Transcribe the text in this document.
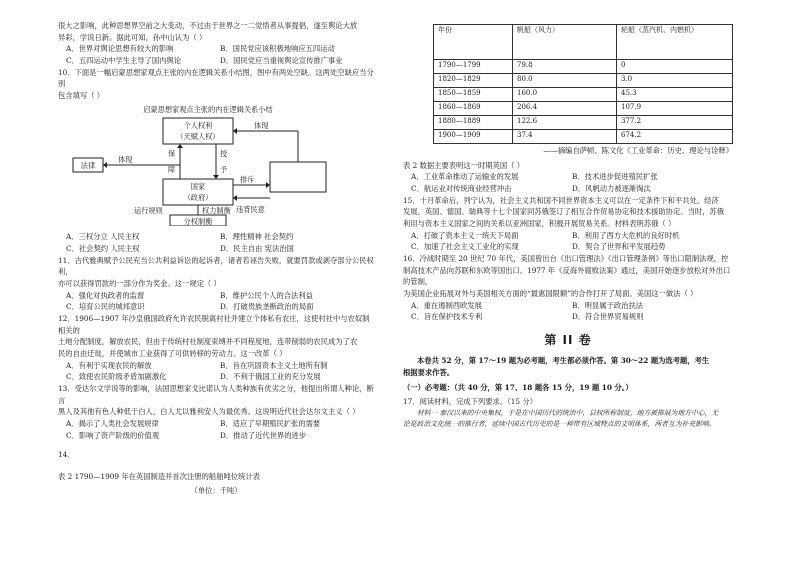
很大之影响，此种思想界空前之大变动，不过由于世界之一二觉悟者从事提倡，遂至舆论大放

异彩，学说日新。据此可知，孙中山认为（ ）

A．世界对舆论思想有较大的影响	B．国民党应该积极地响应五四运动
C．五四运动中学生主导了国内舆论	D．国民党应当重视舆论宣传推广事业

10．下面是一幅启蒙思想家观点主张的内在逻辑关系小结图，图中有两处空缺。这两处空缺应当分别

包含填写（ ）

启蒙思想家观点主张的内在逻辑关系小结
个人权利
（天赋人权）
保	授
障	予
法律
体现
体现
国家
（政府）
排斥
违背民意
运行规则	权力制衡
分权制衡
A．三权分立 人民主权	B．理性精神 社会契约
C．社会契约 人民主权	D．民主自由 宪法治国

11．古代雅典赋予公民充当公共利益诉讼的起诉者，诸者若诬告失败，就要罚款或剥夺部分公民权利，

亦可以获得罚款的一部分作为奖金。这一规定（ ）

A．强化对执政者的监督	B．维护公民个人的合法利益
C．培育公民的城邦意识	D．打破贵族垄断政治的局面

12．1906—1907 年沙皇俄国政府允许农民脱离村社并建立个体私有农庄，这使村社中与农奴制相关的

土地分配制度，解放农民，但由于传统村社制度束缚并不同程度地，连带削弱的农民成为了农

民的自由迁徙，并使城市工业获得了可供转移的劳动力。这一改革（ ）

A．有利于实现农民的解放	B．旨在巩固资本主义土地所有制
C．致使农民阶级矛盾加剧激化	D．不利于俄国工业的充分发展

13．受达尔文学说等的影响，法国思想家戈比诺认为人类种族有优劣之分，他提出所谓人种论，断言

黑人及其他有色人种低于白人，白人尤以雅利安人为最优秀。这说明近代社会达尔文主义（ ）

A．揭示了人类社会发展规律	B．适应了早期殖民扩张的需要
C．影响了资产阶级的价值观	D．推动了近代世界的进步

14．

表 2 1790—1909 年在英国制造并首次注册的船舶吨位统计表

（单位：千吨）

年份	帆船（风力）	轮船（蒸汽机、内燃机）
1790—1799	79.8	0
1820—1829	80.0	3.0
1850—1859	160.0	45.3
1860—1869	206.4	107.9
1880—1889	122.6	377.2
1900—1909	37.4	674.2

——摘编自萨顿、陈文化《工业革命：历史、理论与诠释》

表 2 数据主要表明这一时期英国（ ）

A．工业革命推动了运输业的发展	B．技术进步促进殖民扩张
C．航运业对传统商业经营冲击	D．风帆动力被逐渐淘汰

15．十月革命后，列宁认为，社会主义共和国不同世界资本主义可以在一定条件下和平共处。经济

发展，英国、德国、瑞典等十七个国家同苏俄签订了相互合作贸易协定和技术援助协定。当时，苏俄

利用与资本主义国家之间的关系以亚洲国家，积极开展贸易关系。材料表明苏俄（ ）

A．打破了资本主义一统天下局面	B．利用了西方大危机的良好时机
C．加速了社会主义工业化的实现	D．契合了世界和平发展趋势

16．冷战时期至 20 世纪 70 年代，美国曾出台《出口管理法》《出口管理条例》等出口限制法规，控

制高技术产品向苏联和东欧等国出口。1977 年《反海外腐败法案》通过，美国开始逐步放松对外出口的管制，

为美国企业拓展对外与美国相关方面的“最惠国限额”的合作打开了局面。美国这一做法（ ）

A．重在遏制西欧发展	B．明显属于政治扶法
C．旨在保护技术专利	D．符合世界贸易规则

第 II 卷

本卷共 52 分，第 17～19 题为必考题，考生都必须作答。第 30～22 题为选考题，考生

根据要求作答。

（一）必考题：（共 40 分，第 17、18 题各 15 分，19 题 10 分。）

17．阅读材料，完成下列要求。（15 分）

材料一 秦汉以来的中央集权，于是在中国历代的统治中，县权所称制度，地方被推展为地方中心，无

论是政治文化统一的推行者，延续中国古代历史的是一种带有区域特点的文明体系，两者互为补充影响。
